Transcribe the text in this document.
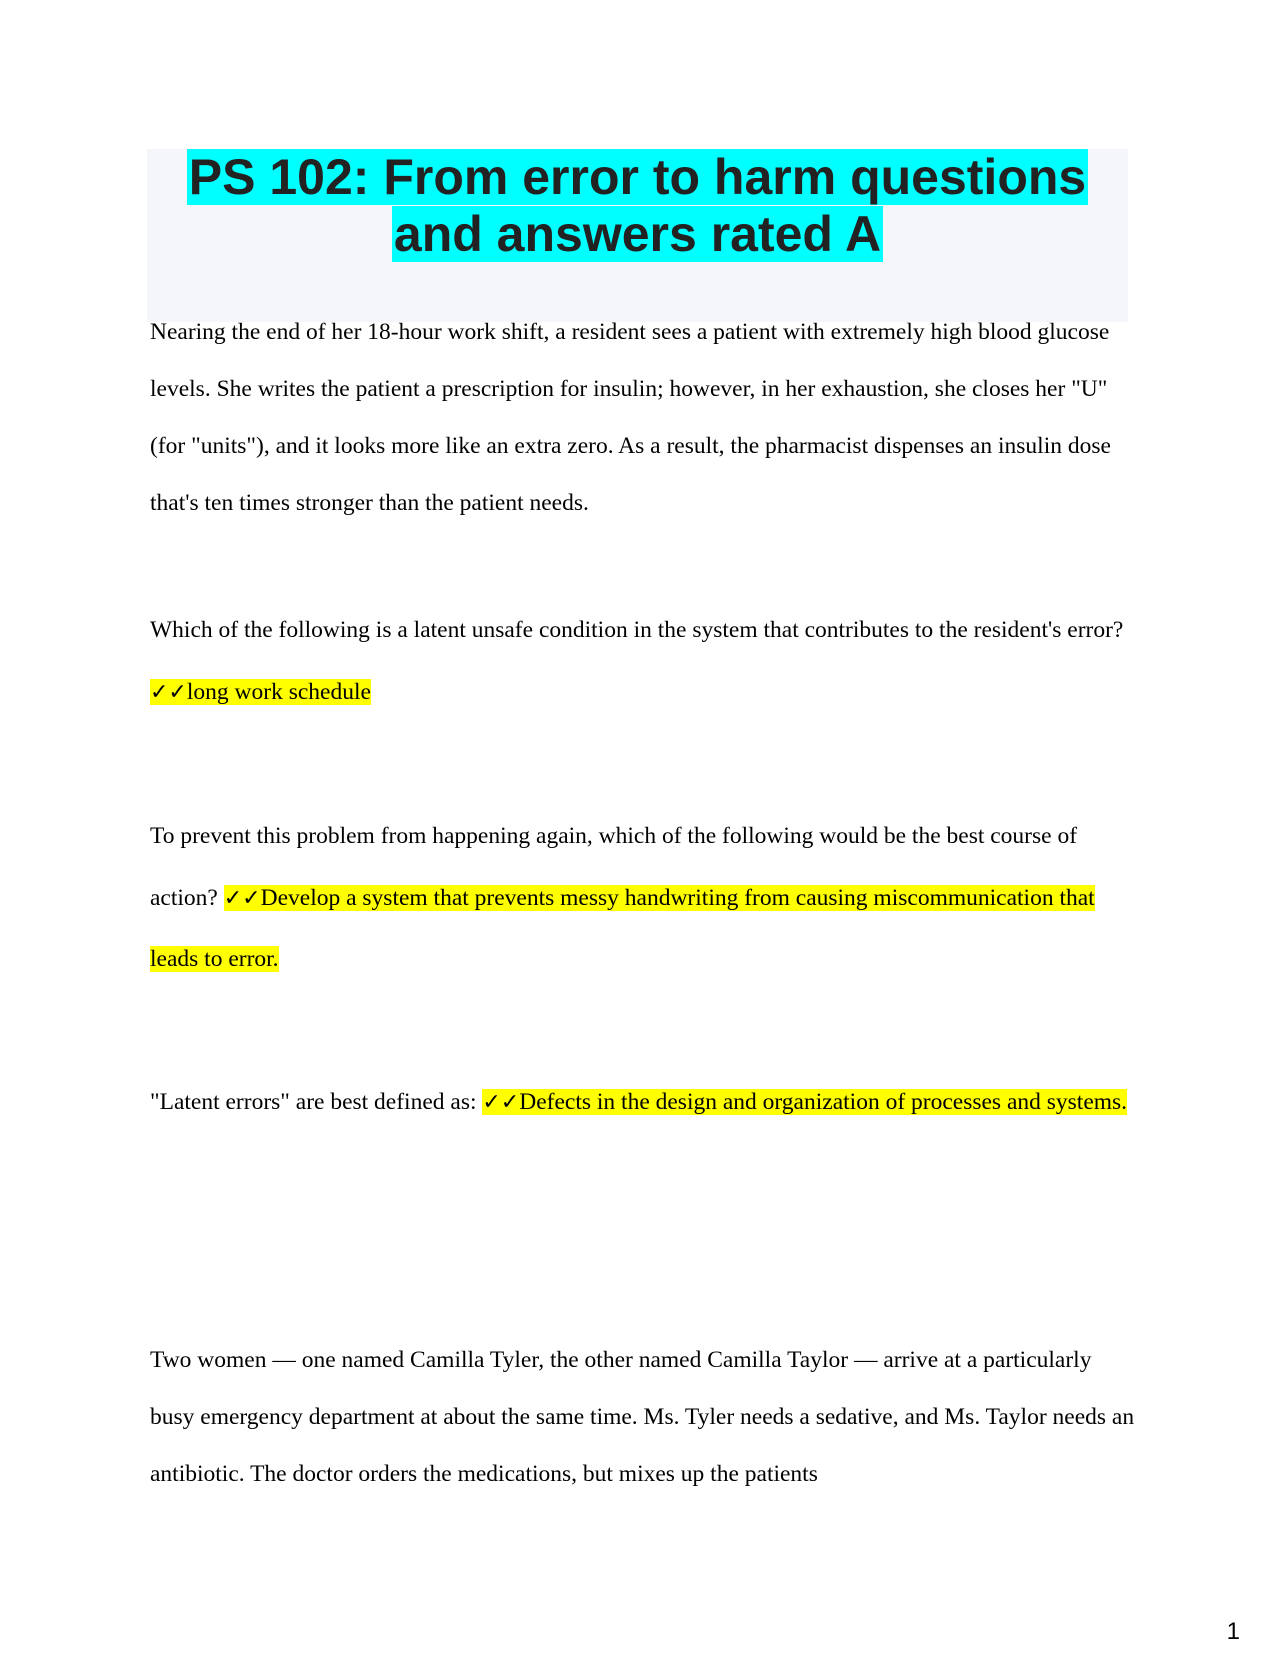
PS 102: From error to harm questions
and answers rated A

Nearing the end of her 18-hour work shift, a resident sees a patient with extremely high blood glucose levels. She writes the patient a prescription for insulin; however, in her exhaustion, she closes her "U" (for "units"), and it looks more like an extra zero. As a result, the pharmacist dispenses an insulin dose that's ten times stronger than the patient needs.

Which of the following is a latent unsafe condition in the system that contributes to the resident's error? ✓✓long work schedule

To prevent this problem from happening again, which of the following would be the best course of action? ✓✓Develop a system that prevents messy handwriting from causing miscommunication that leads to error.

"Latent errors" are best defined as: ✓✓Defects in the design and organization of processes and systems.

Two women — one named Camilla Tyler, the other named Camilla Taylor — arrive at a particularly busy emergency department at about the same time. Ms. Tyler needs a sedative, and Ms. Taylor needs an antibiotic. The doctor orders the medications, but mixes up the patients

1
